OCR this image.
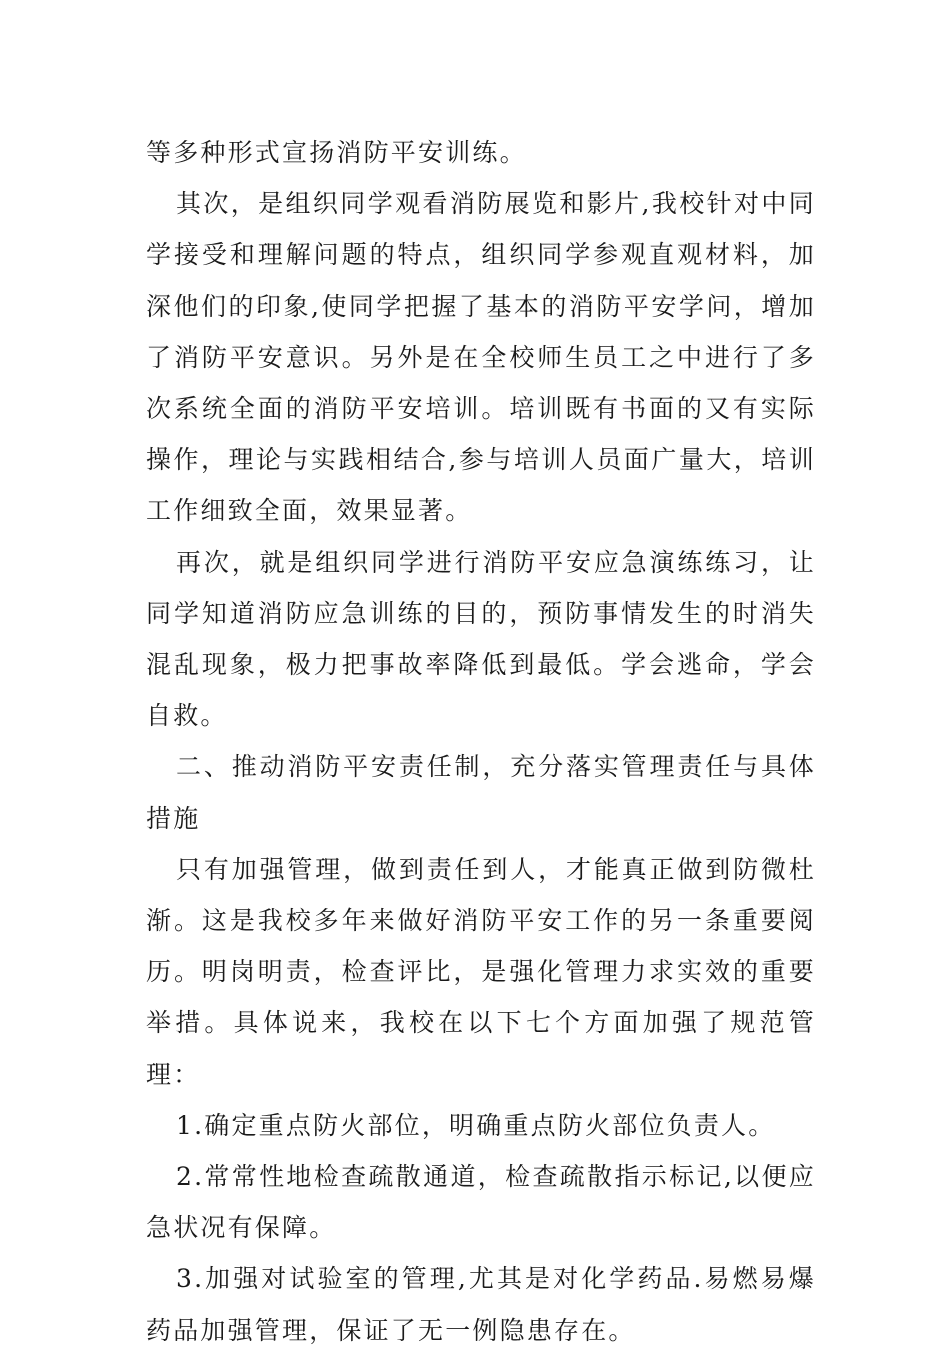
等多种形式宣扬消防平安训练。

其次，是组织同学观看消防展览和影片,我校针对中同学接受和理解问题的特点，组织同学参观直观材料，加深他们的印象,使同学把握了基本的消防平安学问，增加了消防平安意识。另外是在全校师生员工之中进行了多次系统全面的消防平安培训。培训既有书面的又有实际操作，理论与实践相结合,参与培训人员面广量大，培训工作细致全面，效果显著。

再次，就是组织同学进行消防平安应急演练练习，让同学知道消防应急训练的目的，预防事情发生的时消失混乱现象，极力把事故率降低到最低。学会逃命，学会自救。

二、推动消防平安责任制，充分落实管理责任与具体措施

只有加强管理，做到责任到人，才能真正做到防微杜渐。这是我校多年来做好消防平安工作的另一条重要阅历。明岗明责，检查评比，是强化管理力求实效的重要举措。具体说来，我校在以下七个方面加强了规范管理：

1.确定重点防火部位，明确重点防火部位负责人。

2.常常性地检查疏散通道，检查疏散指示标记,以便应急状况有保障。

3.加强对试验室的管理,尤其是对化学药品.易燃易爆药品加强管理，保证了无一例隐患存在。
